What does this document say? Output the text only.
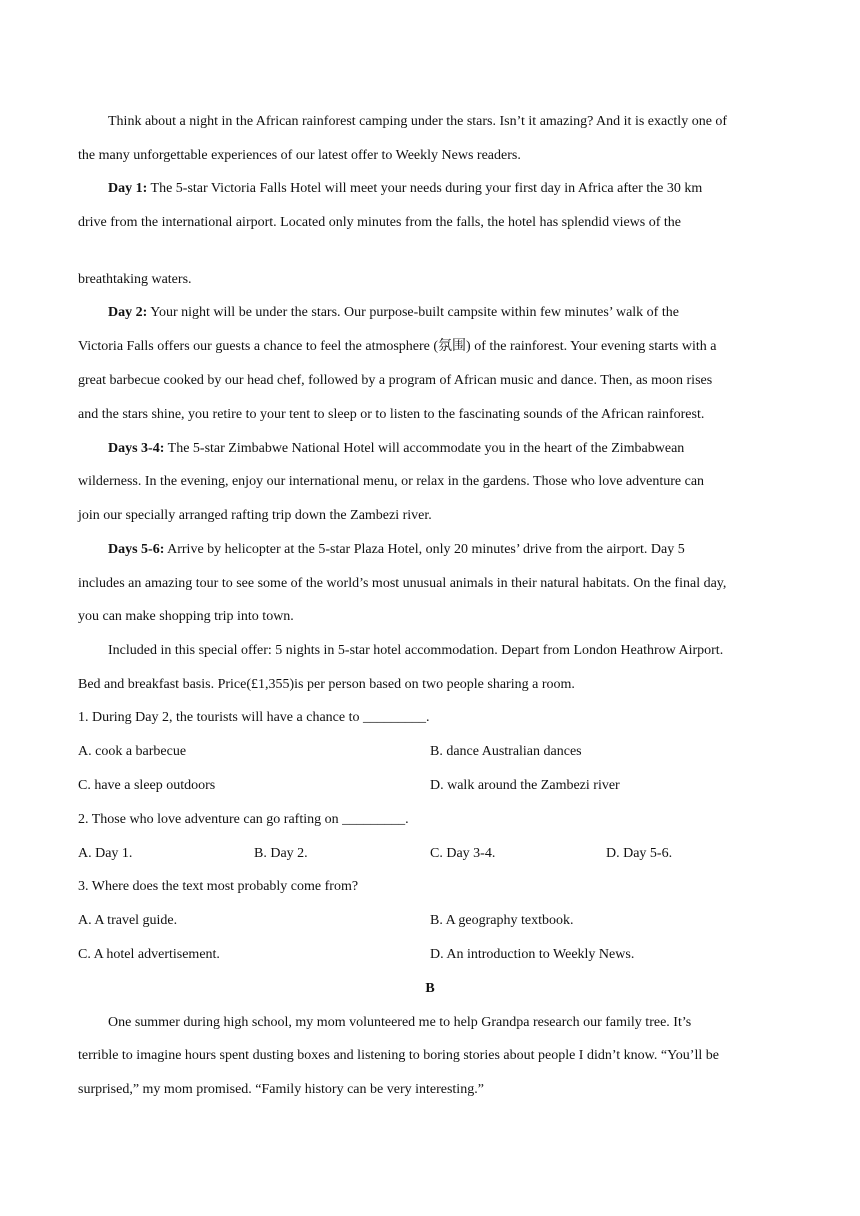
Think about a night in the African rainforest camping under the stars. Isn’t it amazing? And it is exactly one of
the many unforgettable experiences of our latest offer to Weekly News readers.
Day 1: The 5-star Victoria Falls Hotel will meet your needs during your first day in Africa after the 30 km
drive from the international airport. Located only minutes from the falls, the hotel has splendid views of the
breathtaking waters.
Day 2: Your night will be under the stars. Our purpose-built campsite within few minutes’ walk of the
Victoria Falls offers our guests a chance to feel the atmosphere (氛围) of the rainforest. Your evening starts with a
great barbecue cooked by our head chef, followed by a program of African music and dance. Then, as moon rises
and the stars shine, you retire to your tent to sleep or to listen to the fascinating sounds of the African rainforest.
Days 3-4: The 5-star Zimbabwe National Hotel will accommodate you in the heart of the Zimbabwean
wilderness. In the evening, enjoy our international menu, or relax in the gardens. Those who love adventure can
join our specially arranged rafting trip down the Zambezi river.
Days 5-6: Arrive by helicopter at the 5-star Plaza Hotel, only 20 minutes’ drive from the airport. Day 5
includes an amazing tour to see some of the world’s most unusual animals in their natural habitats. On the final day,
you can make shopping trip into town.
Included in this special offer: 5 nights in 5-star hotel accommodation. Depart from London Heathrow Airport.
Bed and breakfast basis. Price(£1,355)is per person based on two people sharing a room.
1. During Day 2, the tourists will have a chance to _________.
A. cook a barbecue	B. dance Australian dances
C. have a sleep outdoors	D. walk around the Zambezi river
2. Those who love adventure can go rafting on _________.
A. Day 1.	B. Day 2.	C. Day 3-4.	D. Day 5-6.
3. Where does the text most probably come from?
A. A travel guide.	B. A geography textbook.
C. A hotel advertisement.	D. An introduction to Weekly News.
B
One summer during high school, my mom volunteered me to help Grandpa research our family tree. It’s
terrible to imagine hours spent dusting boxes and listening to boring stories about people I didn’t know. “You’ll be
surprised,” my mom promised. “Family history can be very interesting.”
